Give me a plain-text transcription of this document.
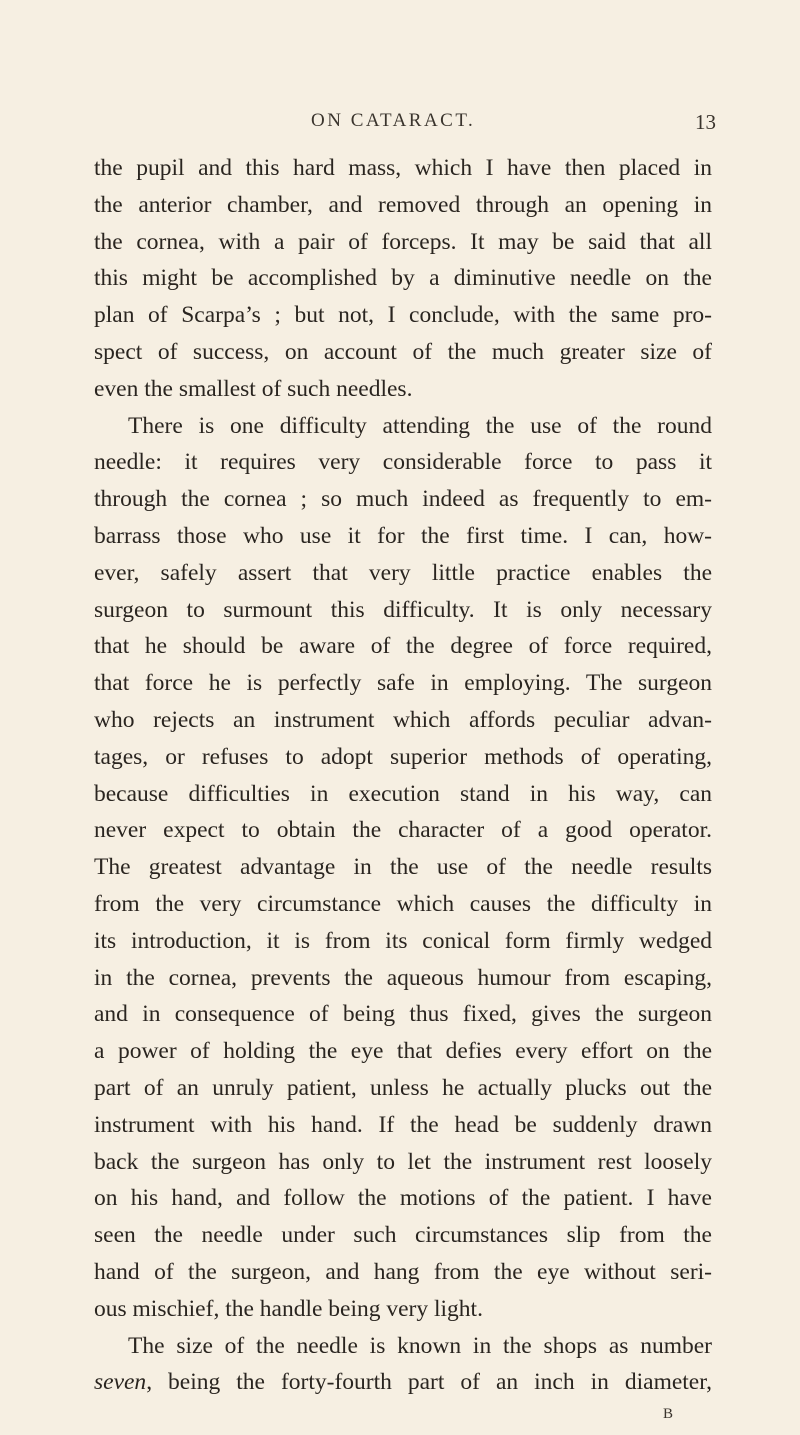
ON CATARACT.	13
the pupil and this hard mass, which I have then placed in
the anterior chamber, and removed through an opening in
the cornea, with a pair of forceps. It may be said that all
this might be accomplished by a diminutive needle on the
plan of Scarpa’s ; but not, I conclude, with the same pro-
spect of success, on account of the much greater size of
even the smallest of such needles.
There is one difficulty attending the use of the round
needle: it requires very considerable force to pass it
through the cornea ; so much indeed as frequently to em-
barrass those who use it for the first time. I can, how-
ever, safely assert that very little practice enables the
surgeon to surmount this difficulty. It is only necessary
that he should be aware of the degree of force required,
that force he is perfectly safe in employing. The surgeon
who rejects an instrument which affords peculiar advan-
tages, or refuses to adopt superior methods of operating,
because difficulties in execution stand in his way, can
never expect to obtain the character of a good operator.
The greatest advantage in the use of the needle results
from the very circumstance which causes the difficulty in
its introduction, it is from its conical form firmly wedged
in the cornea, prevents the aqueous humour from escaping,
and in consequence of being thus fixed, gives the surgeon
a power of holding the eye that defies every effort on the
part of an unruly patient, unless he actually plucks out the
instrument with his hand. If the head be suddenly drawn
back the surgeon has only to let the instrument rest loosely
on his hand, and follow the motions of the patient. I have
seen the needle under such circumstances slip from the
hand of the surgeon, and hang from the eye without seri-
ous mischief, the handle being very light.
The size of the needle is known in the shops as number
seven, being the forty-fourth part of an inch in diameter,
B
